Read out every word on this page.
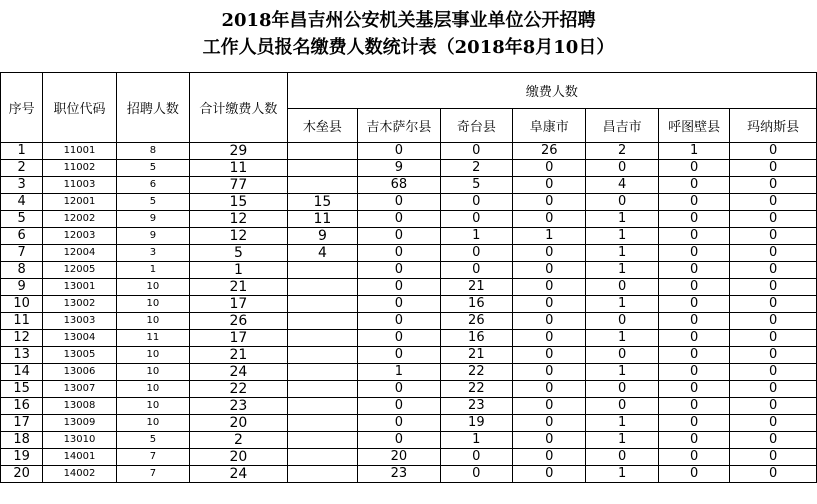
2018年昌吉州公安机关基层事业单位公开招聘
工作人员报名缴费人数统计表（2018年8月10日）
序号	职位代码	招聘人数	合计缴费人数	缴费人数						
				木垒县	吉木萨尔县	奇台县	阜康市	昌吉市	呼图壁县	玛纳斯县
1	11001	8	29		0	0	26	2	1	0
2	11002	5	11		9	2	0	0	0	0
3	11003	6	77		68	5	0	4	0	0
4	12001	5	15	15	0	0	0	0	0	0
5	12002	9	12	11	0	0	0	1	0	0
6	12003	9	12	9	0	1	1	1	0	0
7	12004	3	5	4	0	0	0	1	0	0
8	12005	1	1		0	0	0	1	0	0
9	13001	10	21		0	21	0	0	0	0
10	13002	10	17		0	16	0	1	0	0
11	13003	10	26		0	26	0	0	0	0
12	13004	11	17		0	16	0	1	0	0
13	13005	10	21		0	21	0	0	0	0
14	13006	10	24		1	22	0	1	0	0
15	13007	10	22		0	22	0	0	0	0
16	13008	10	23		0	23	0	0	0	0
17	13009	10	20		0	19	0	1	0	0
18	13010	5	2		0	1	0	1	0	0
19	14001	7	20		20	0	0	0	0	0
20	14002	7	24		23	0	0	1	0	0
